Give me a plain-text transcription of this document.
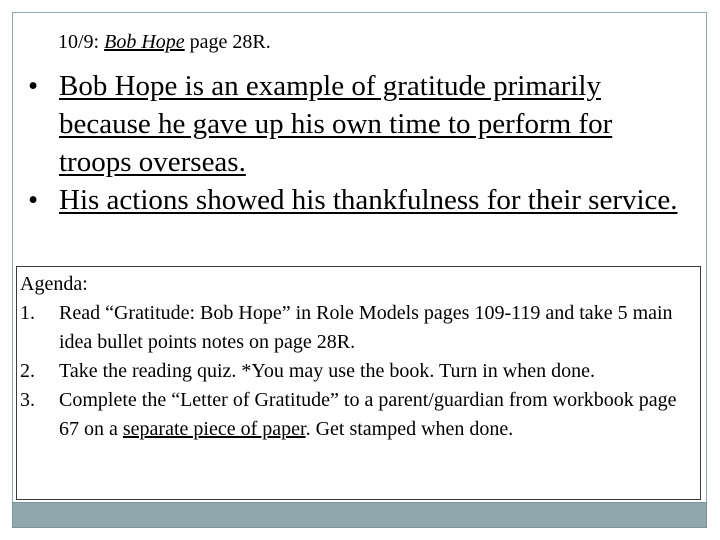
10/9: Bob Hope page 28R.
• Bob Hope is an example of gratitude primarily because he gave up his own time to perform for troops overseas.
• His actions showed his thankfulness for their service.
Agenda:
1. Read “Gratitude: Bob Hope” in Role Models pages 109-119 and take 5 main idea bullet points notes on page 28R.
2. Take the reading quiz. *You may use the book. Turn in when done.
3. Complete the “Letter of Gratitude” to a parent/guardian from workbook page 67 on a separate piece of paper. Get stamped when done.
